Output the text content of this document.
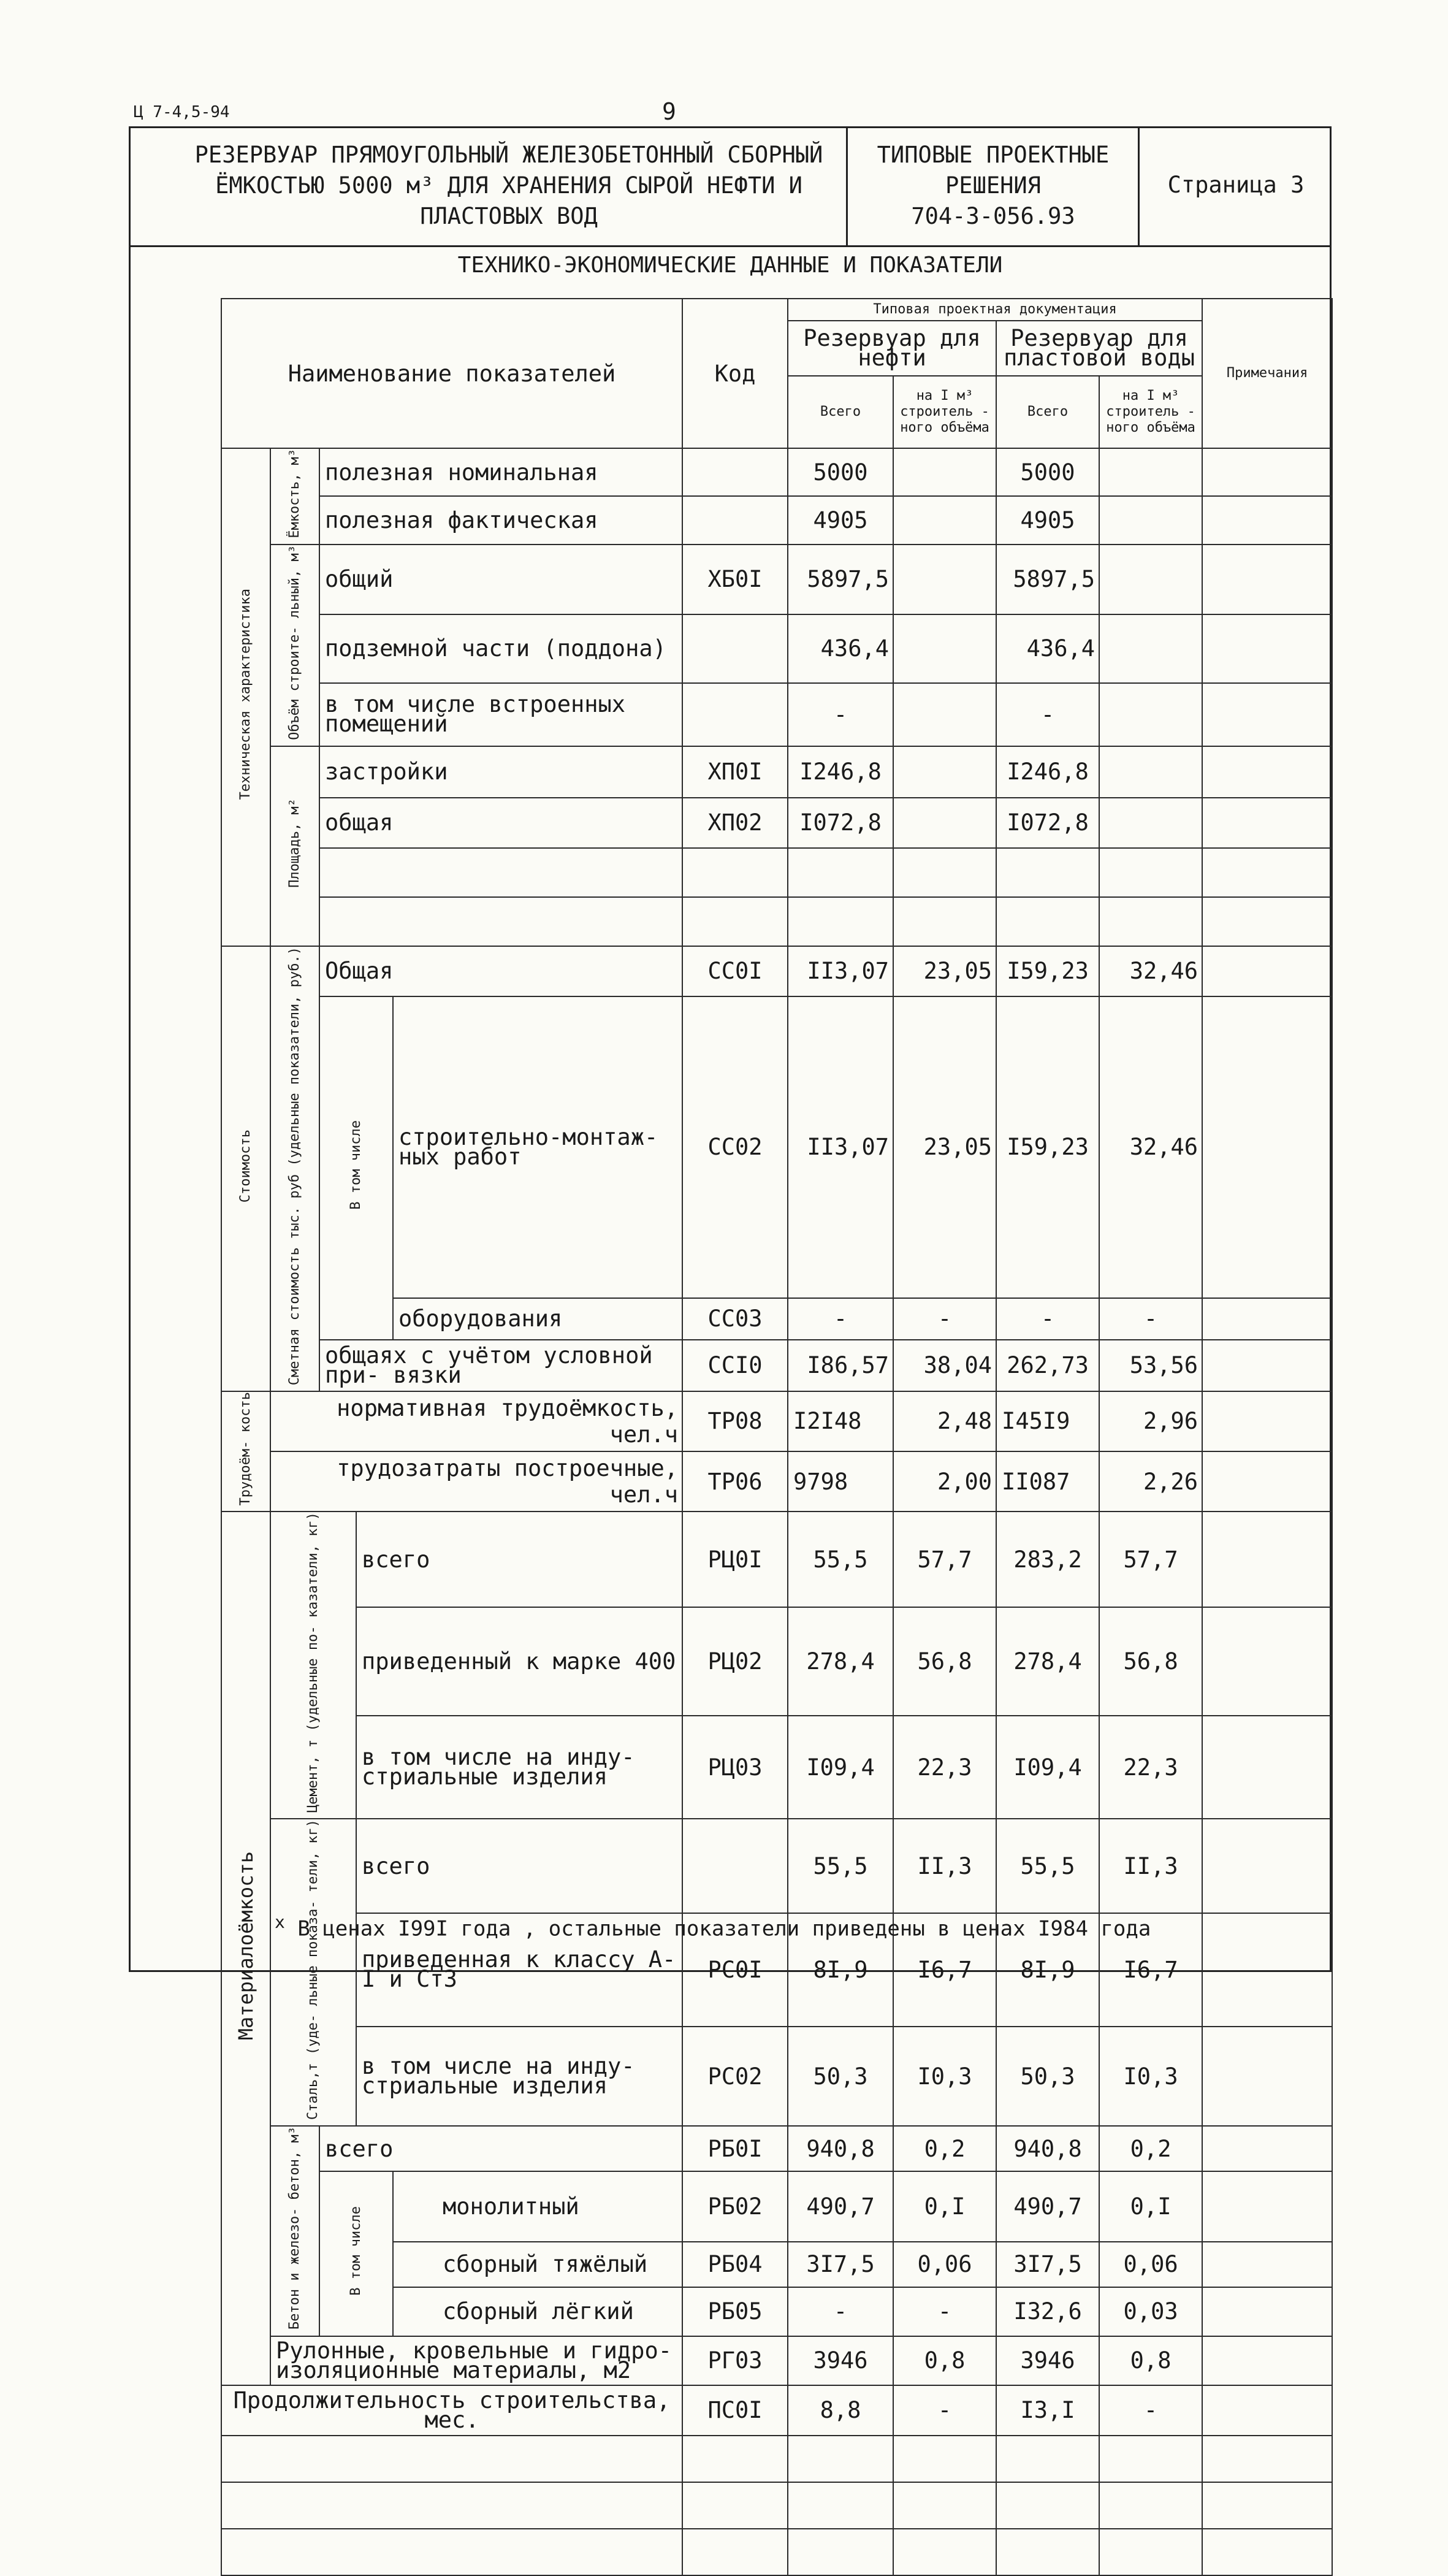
Ц 7-4,5-94	9
РЕЗЕРВУАР ПРЯМОУГОЛЬНЫЙ ЖЕЛЕЗОБЕТОННЫЙ СБОРНЫЙ
ЁМКОСТЬЮ 5000 м³ ДЛЯ ХРАНЕНИЯ СЫРОЙ НЕФТИ И
ПЛАСТОВЫХ ВОД
ТИПОВЫЕ ПРОЕКТНЫЕ
РЕШЕНИЯ
704-3-056.93
Страница 3
ТЕХНИКО-ЭКОНОМИЧЕСКИЕ ДАННЫЕ И ПОКАЗАТЕЛИ
Наименование показателей					Код	Типовая проектная документация				Примечания
						Резервуар для нефти		Резервуар для пластовой воды		
						Всего	на I м³ строитель - ного объёма	Всего	на I м³ строитель - ного объёма	
Техническая характеристика	Ёмкость, м³	полезная номинальная				5000		5000		
		полезная фактическая				4905		4905		
	Объём строите- льный, м³	общий			ХБ0I	5897,5		5897,5		
		подземной части (поддона)				436,4		436,4		
		в том числе встроенных помещений				-		-		
	Площадь, м²	застройки			ХП0I	I246,8		I246,8		
		общая			ХП02	I072,8		I072,8		

Стоимость	Сметная стоимость тыс. руб (удельные показатели, руб.)	Общая			СС0I	II3,07	23,05	I59,23	32,46	
		В том числе		строительно-монтаж- ных работ	СС02	II3,07	23,05	I59,23	32,46	
				оборудования	СС03	-	-	-	-	
		общаях с учётом условной при- вязки			ССI0	I86,57	38,04	262,73	53,56	
Трудоём- кость	нормативная трудоёмкость, чел.ч				ТР08	I2I48	2,48	I45I9	2,96	
	трудозатраты построечные, чел.ч				ТР06	9798	2,00	II087	2,26	
Материалоёмкость	Цемент, т (удельные по- казатели, кг)		всего		РЦ0I	55,5	57,7	283,2	57,7	
			приведенный к марке 400		РЦ02	278,4	56,8	278,4	56,8	
			в том числе на инду- стриальные изделия		РЦ03	I09,4	22,3	I09,4	22,3	
	Сталь,т (уде- льные показа- тели, кг)		всего			55,5	II,3	55,5	II,3	
			приведенная к классу А-I и Ст3		РС0I	8I,9	I6,7	8I,9	I6,7	
			в том числе на инду- стриальные изделия		РС02	50,3	I0,3	50,3	I0,3	
	Бетон и железо- бетон, м³	всего			РБ0I	940,8	0,2	940,8	0,2	
		В том числе		монолитный	РБ02	490,7	0,I	490,7	0,I	
				сборный тяжёлый	РБ04	3I7,5	0,06	3I7,5	0,06	
				сборный лёгкий	РБ05	-	-	I32,6	0,03	
	Рулонные, кровельные и гидро- изоляционные материалы, м2				РГ03	3946	0,8	3946	0,8	
Продолжительность строительства, мес.					ПС0I	8,8	-	I3,I	-	

$^х$ В ценах I99I года , остальные показатели приведены в ценах I984 года
